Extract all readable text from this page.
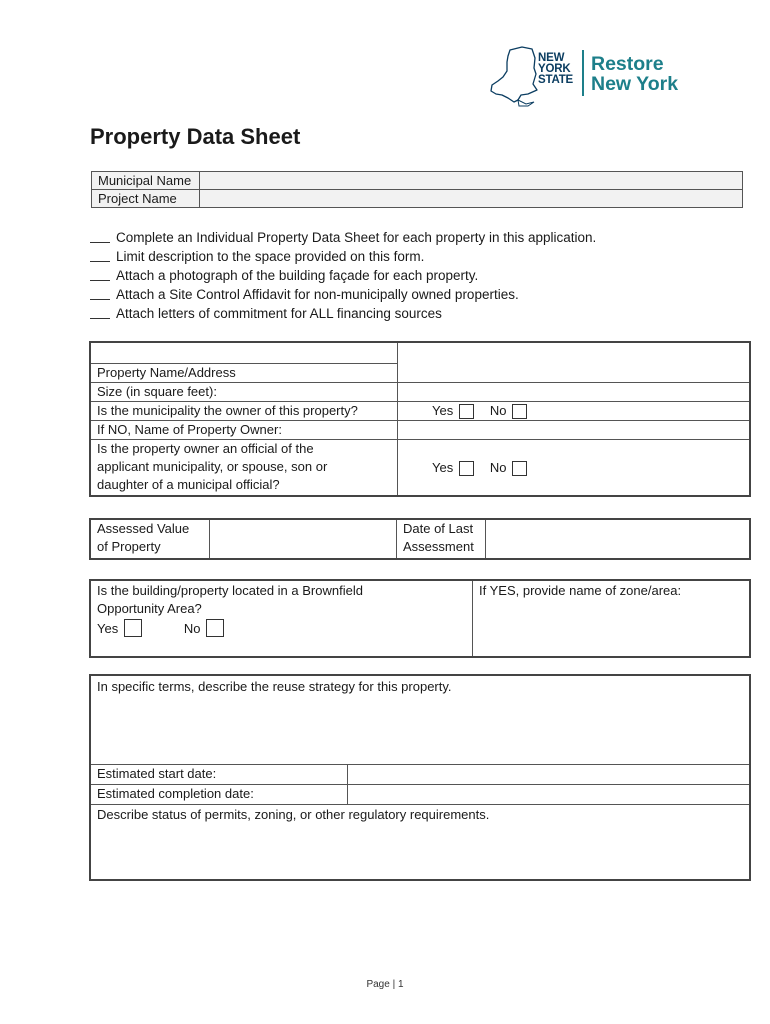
NEW
YORK
STATE
Restore
New York
Property Data Sheet
Municipal Name	
Project Name	
Complete an Individual Property Data Sheet for each property in this application.
Limit description to the space provided on this form.
Attach a photograph of the building façade for each property.
Attach a Site Control Affidavit for non-municipally owned properties.
Attach letters of commitment for ALL financing sources

Property Name/Address	
Size (in square feet):	
Is the municipality the owner of this property?	Yes No
If NO, Name of Property Owner:	

Is the property owner an official of the
applicant municipality, or spouse, son or
daughter of a municipal official?	Yes No
Assessed Value
of Property

Date of Last
Assessment

Is the building/property located in a Brownfield
Opportunity Area?
Yes	No
	If YES, provide name of zone/area:
In specific terms, describe the reuse strategy for this property.	
Estimated start date:	
Estimated completion date:	
Describe status of permits, zoning, or other regulatory requirements.	
Page | 1
